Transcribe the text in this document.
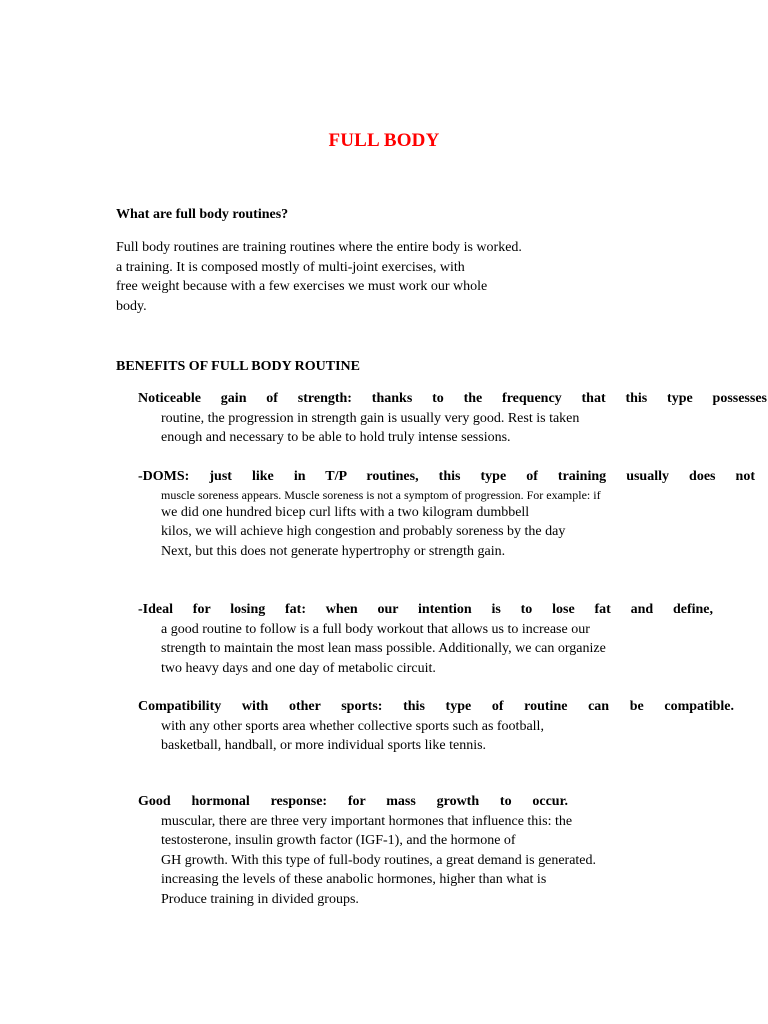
FULL BODY
What are full body routines?
Full body routines are training routines where the entire body is worked.
a training. It is composed mostly of multi-joint exercises, with
free weight because with a few exercises we must work our whole
body.
BENEFITS OF FULL BODY ROUTINE
Noticeable gain of strength: thanks to the frequency that this type possesses
routine, the progression in strength gain is usually very good. Rest is taken
enough and necessary to be able to hold truly intense sessions.
-DOMS: just like in T/P routines, this type of training usually does not
muscle soreness appears. Muscle soreness is not a symptom of progression. For example: if
we did one hundred bicep curl lifts with a two kilogram dumbbell
kilos, we will achieve high congestion and probably soreness by the day
Next, but this does not generate hypertrophy or strength gain.
-Ideal for losing fat: when our intention is to lose fat and define,
a good routine to follow is a full body workout that allows us to increase our
strength to maintain the most lean mass possible. Additionally, we can organize
two heavy days and one day of metabolic circuit.
Compatibility with other sports: this type of routine can be compatible.
with any other sports area whether collective sports such as football,
basketball, handball, or more individual sports like tennis.
Good hormonal response: for mass growth to occur.
muscular, there are three very important hormones that influence this: the
testosterone, insulin growth factor (IGF-1), and the hormone of
GH growth. With this type of full-body routines, a great demand is generated.
increasing the levels of these anabolic hormones, higher than what is
Produce training in divided groups.
